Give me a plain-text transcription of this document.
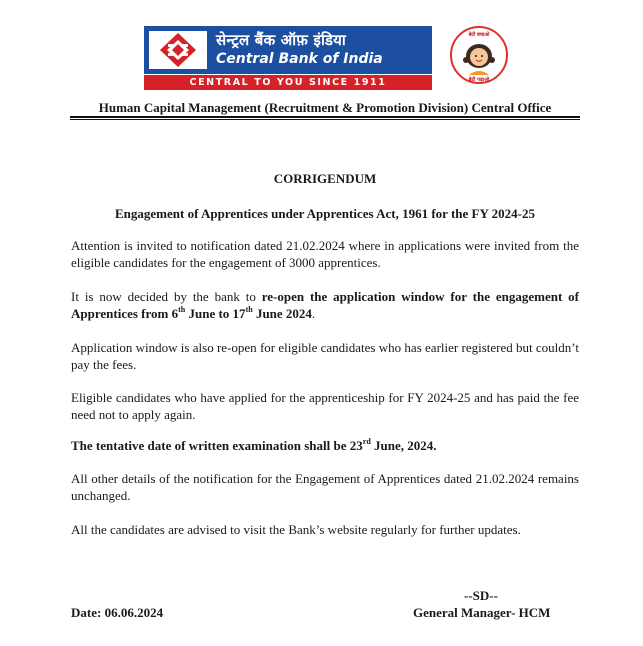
सेन्ट्रल बैंक ऑफ़ इंडिया
Central Bank of India
CENTRAL TO YOU SINCE 1911
बेटी बचाओ
बेटी पढ़ाओ
Human Capital Management (Recruitment & Promotion Division) Central Office
CORRIGENDUM
Engagement of Apprentices under Apprentices Act, 1961 for the FY 2024-25
Attention is invited to notification dated 21.02.2024 where in applications were invited from the eligible candidates for the engagement of 3000 apprentices.
It is now decided by the bank to re-open the application window for the engagement of Apprentices from 6th June to 17th June 2024.
Application window is also re-open for eligible candidates who has earlier registered but couldn’t pay the fees.
Eligible candidates who have applied for the apprenticeship for FY 2024-25 and has paid the fee need not to apply again.
The tentative date of written examination shall be 23rd June, 2024.
All other details of the notification for the Engagement of Apprentices dated 21.02.2024 remains unchanged.
All the candidates are advised to visit the Bank’s website regularly for further updates.
--SD--
Date: 06.06.2024	General Manager- HCM
